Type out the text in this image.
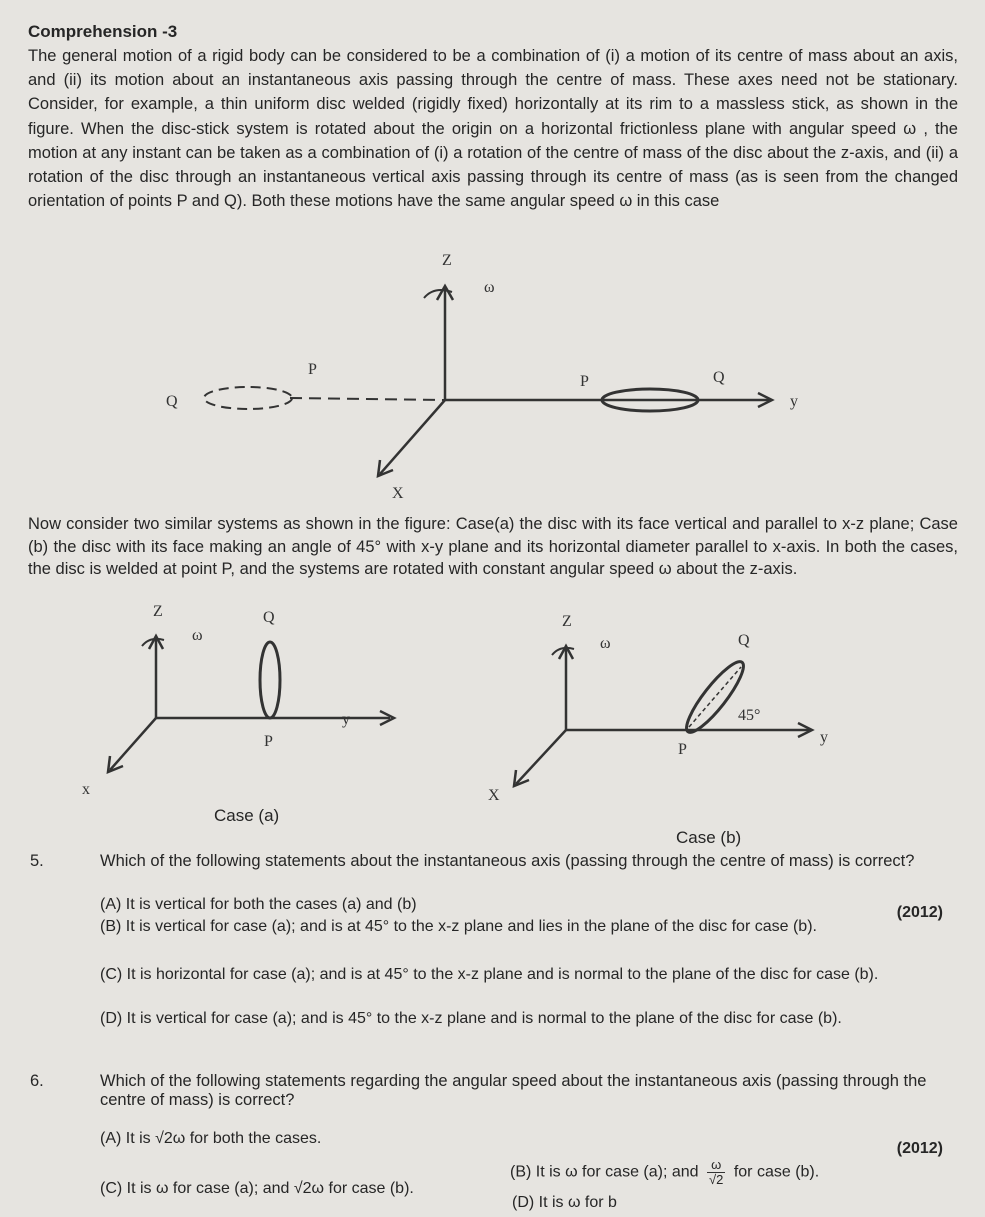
Comprehension -3
The general motion of a rigid body can be considered to be a combination of (i) a motion of its centre of mass about an axis, and (ii) its motion about an instantaneous axis passing through the centre of mass. These axes need not be stationary. Consider, for example, a thin uniform disc welded (rigidly fixed) horizontally at its rim to a massless stick, as shown in the figure. When the disc-stick system is rotated about the origin on a horizontal frictionless plane with angular speed ω , the motion at any instant can be taken as a combination of (i) a rotation of the centre of mass of the disc about the z-axis, and (ii) a rotation of the disc through an instantaneous vertical axis passing through its centre of mass (as is seen from the changed orientation of points P and Q). Both these motions have the same angular speed ω in this case
Z
ω
X
y
P
Q
P	Q
Now consider two similar systems as shown in the figure: Case(a) the disc with its face vertical and parallel to x-z plane; Case (b) the disc with its face making an angle of 45° with x-y plane and its horizontal diameter parallel to x-axis. In both the cases, the disc is welded at point P, and the systems are rotated with constant angular speed ω about the z-axis.
Z
ω
Q
P
x
y
Case (a)
Z
ω	Q
45°
P
X
y
Case (b)
5.	Which of the following statements about the instantaneous axis (passing through the centre of mass) is correct?
(2012)
(A) It is vertical for both the cases (a) and (b)
(B) It is vertical for case (a); and is at 45° to the x-z plane and lies in the plane of the disc for case (b).
(C) It is horizontal for case (a); and is at 45° to the x-z plane and is normal to the plane of the disc for case (b).
(D) It is vertical for case (a); and is 45° to the x-z plane and is normal to the plane of the disc for case (b).
6.	Which of the following statements regarding the angular speed about the instantaneous axis (passing through the centre of mass) is correct?
(2012)
(A) It is √2ω for both the cases.
(B) It is ω for case (a); and $\frac{\omega}{√2}$ for case (b).
(C) It is ω for case (a); and √2ω for case (b).
(D) It is ω for b
